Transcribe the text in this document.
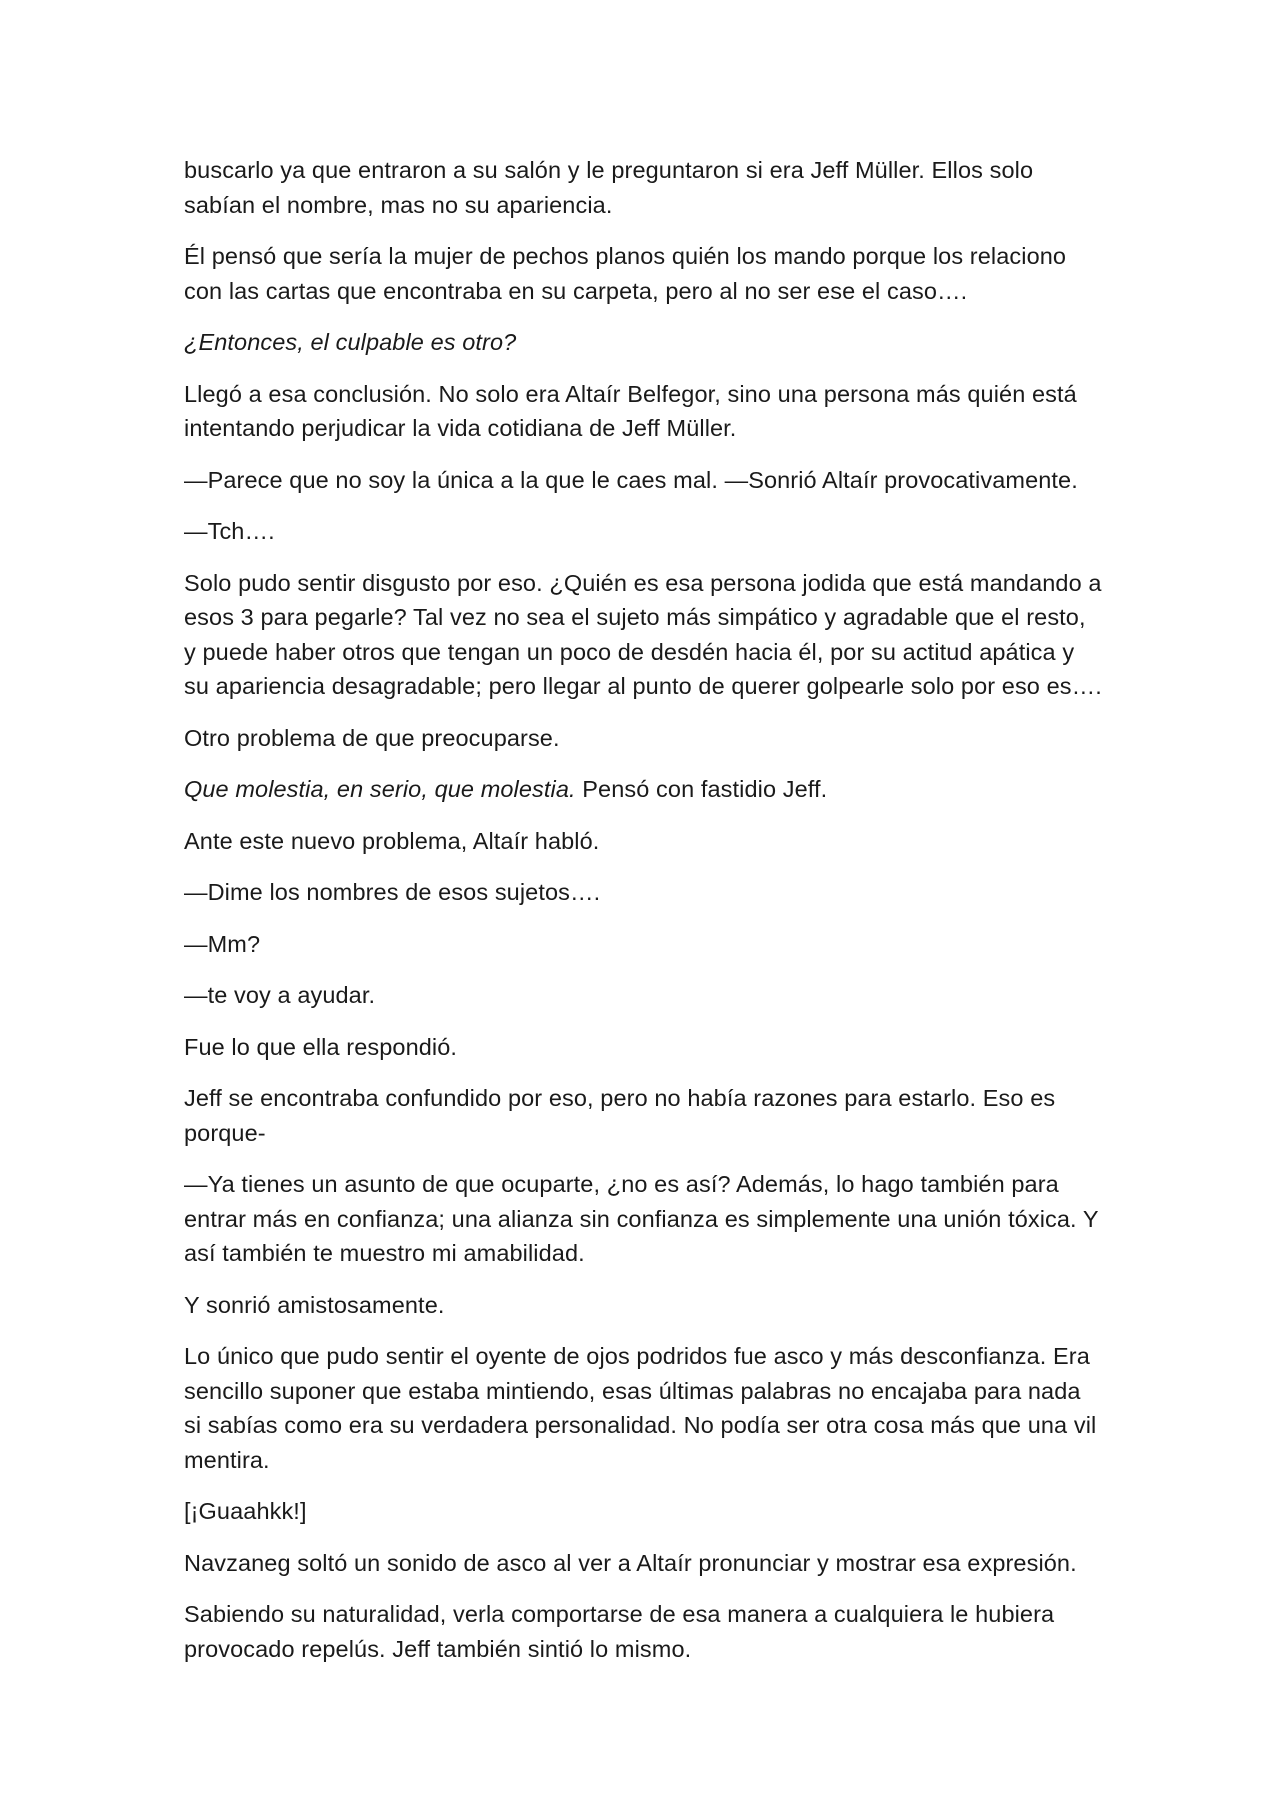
buscarlo ya que entraron a su salón y le preguntaron si era Jeff Müller. Ellos solo sabían el nombre, mas no su apariencia.

Él pensó que sería la mujer de pechos planos quién los mando porque los relaciono con las cartas que encontraba en su carpeta, pero al no ser ese el caso….

¿Entonces, el culpable es otro?

Llegó a esa conclusión. No solo era Altaír Belfegor, sino una persona más quién está intentando perjudicar la vida cotidiana de Jeff Müller.

—Parece que no soy la única a la que le caes mal. —Sonrió Altaír provocativamente.

—Tch….

Solo pudo sentir disgusto por eso. ¿Quién es esa persona jodida que está mandando a esos 3 para pegarle? Tal vez no sea el sujeto más simpático y agradable que el resto, y puede haber otros que tengan un poco de desdén hacia él, por su actitud apática y su apariencia desagradable; pero llegar al punto de querer golpearle solo por eso es….

Otro problema de que preocuparse.

Que molestia, en serio, que molestia. Pensó con fastidio Jeff.

Ante este nuevo problema, Altaír habló.

—Dime los nombres de esos sujetos….

—Mm?

—te voy a ayudar.

Fue lo que ella respondió.

Jeff se encontraba confundido por eso, pero no había razones para estarlo. Eso es porque-

—Ya tienes un asunto de que ocuparte, ¿no es así? Además, lo hago también para entrar más en confianza; una alianza sin confianza es simplemente una unión tóxica. Y así también te muestro mi amabilidad.

Y sonrió amistosamente.

Lo único que pudo sentir el oyente de ojos podridos fue asco y más desconfianza. Era sencillo suponer que estaba mintiendo, esas últimas palabras no encajaba para nada si sabías como era su verdadera personalidad. No podía ser otra cosa más que una vil mentira.

[¡Guaahkk!]

Navzaneg soltó un sonido de asco al ver a Altaír pronunciar y mostrar esa expresión.

Sabiendo su naturalidad, verla comportarse de esa manera a cualquiera le hubiera provocado repelús. Jeff también sintió lo mismo.
